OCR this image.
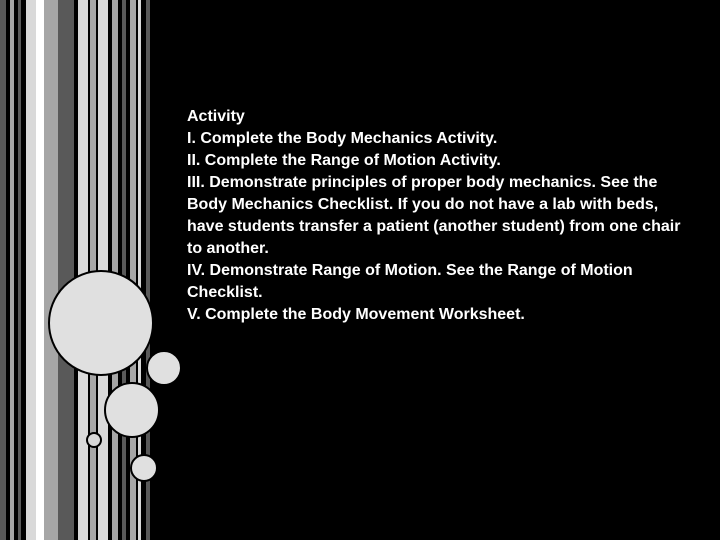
Activity

I. Complete the Body Mechanics Activity.

II. Complete the Range of Motion Activity.

III. Demonstrate principles of proper body mechanics. See the Body Mechanics Checklist. If you do not have a lab with beds, have students transfer a patient (another student) from one chair to another.

IV. Demonstrate Range of Motion. See the Range of Motion Checklist.

V. Complete the Body Movement Worksheet.
